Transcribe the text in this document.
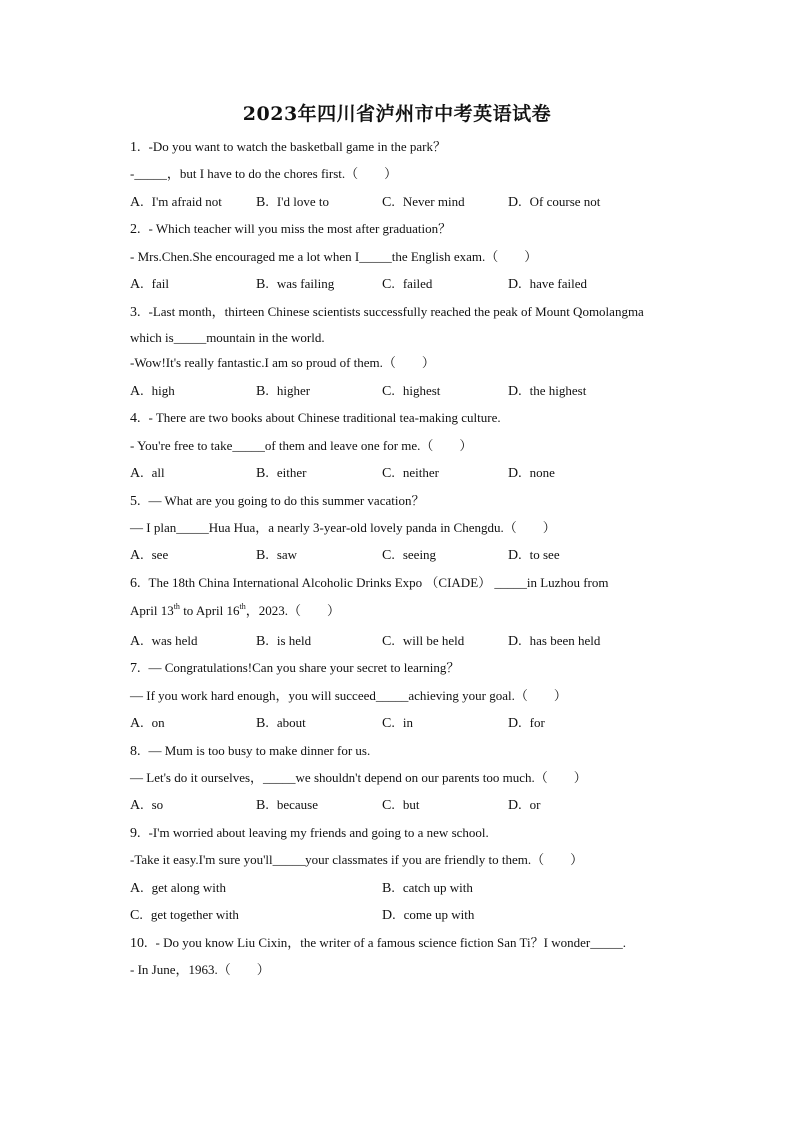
2023年四川省泸州市中考英语试卷
1. -Do you want to watch the basketball game in the park？
-_____，but I have to do the chores first.（　　）
A. I'm afraid not B. I'd love to	C. Never mind	D. Of course not
2. - Which teacher will you miss the most after graduation？
- Mrs.Chen.She encouraged me a lot when I_____the English exam.（　　）
A. fail	B. was failing	C. failed	D. have failed
3. -Last month，thirteen Chinese scientists successfully reached the peak of Mount Qomolangma
which is_____mountain in the world.
-Wow!It's really fantastic.I am so proud of them.（　　）
A. high	B. higher	C. highest	D. the highest
4. - There are two books about Chinese traditional tea-making culture.
- You're free to take_____of them and leave one for me.（　　）
A. all	B. either	C. neither	D. none
5. — What are you going to do this summer vacation？
— I plan_____Hua Hua，a nearly 3-year-old lovely panda in Chengdu.（　　）
A. see	B. saw	C. seeing	D. to see
6. The 18th China International Alcoholic Drinks Expo （CIADE） _____in Luzhou from
April 13th to April 16th，2023.（　　）
A. was held	B. is held	C. will be held	D. has been held
7. — Congratulations!Can you share your secret to learning？
— If you work hard enough，you will succeed_____achieving your goal.（　　）
A. on	B. about	C. in	D. for
8. — Mum is too busy to make dinner for us.
— Let's do it ourselves，_____we shouldn't depend on our parents too much.（　　）
A. so	B. because	C. but	D. or
9. -I'm worried about leaving my friends and going to a new school.
-Take it easy.I'm sure you'll_____your classmates if you are friendly to them.（　　）
A. get along with	B. catch up with
C. get together with	D. come up with
10. - Do you know Liu Cixin，the writer of a famous science fiction San Ti？I wonder_____.
- In June，1963.（　　）
